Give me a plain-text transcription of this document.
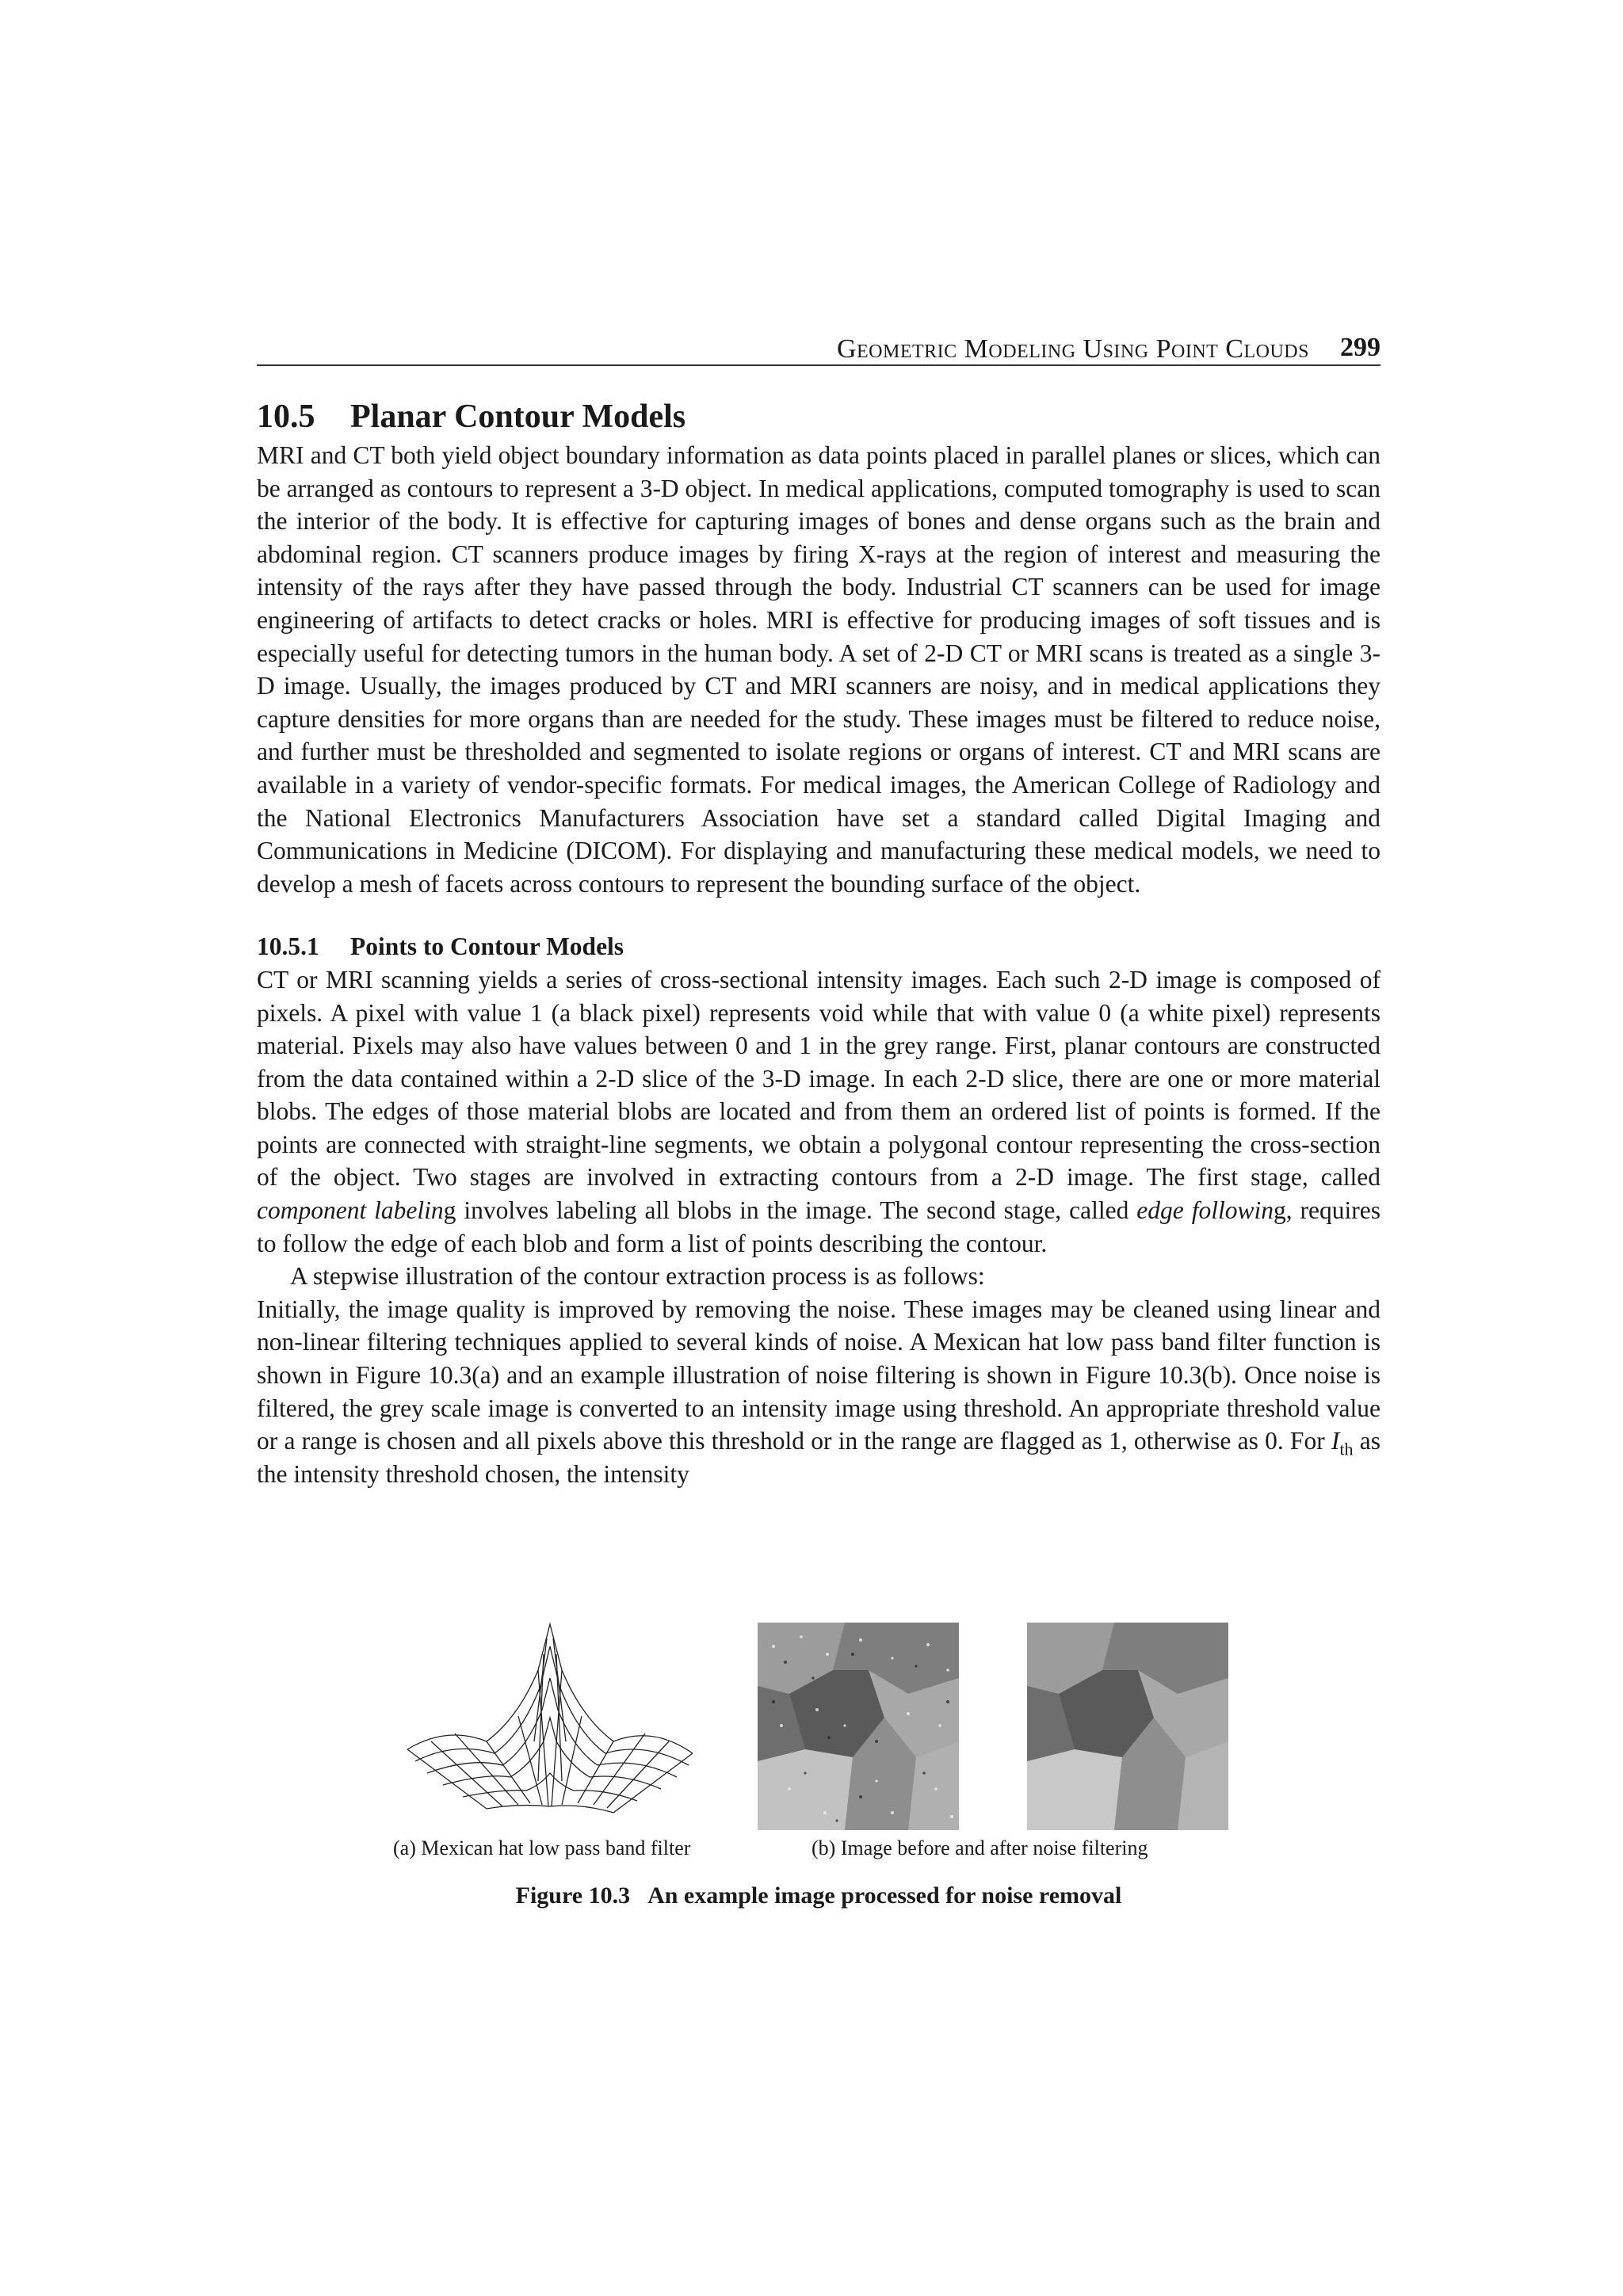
Geometric Modeling Using Point Clouds 299
10.5 Planar Contour Models

MRI and CT both yield object boundary information as data points placed in parallel planes or slices, which can be arranged as contours to represent a 3-D object. In medical applications, computed tomography is used to scan the interior of the body. It is effective for capturing images of bones and dense organs such as the brain and abdominal region. CT scanners produce images by firing X-rays at the region of interest and measuring the intensity of the rays after they have passed through the body. Industrial CT scanners can be used for image engineering of artifacts to detect cracks or holes. MRI is effective for producing images of soft tissues and is especially useful for detecting tumors in the human body. A set of 2-D CT or MRI scans is treated as a single 3-D image. Usually, the images produced by CT and MRI scanners are noisy, and in medical applications they capture densities for more organs than are needed for the study. These images must be filtered to reduce noise, and further must be thresholded and segmented to isolate regions or organs of interest. CT and MRI scans are available in a variety of vendor-specific formats. For medical images, the American College of Radiology and the National Electronics Manufacturers Association have set a standard called Digital Imaging and Communications in Medicine (DICOM). For displaying and manufacturing these medical models, we need to develop a mesh of facets across contours to represent the bounding surface of the object.

10.5.1 Points to Contour Models

CT or MRI scanning yields a series of cross-sectional intensity images. Each such 2-D image is composed of pixels. A pixel with value 1 (a black pixel) represents void while that with value 0 (a white pixel) represents material. Pixels may also have values between 0 and 1 in the grey range. First, planar contours are constructed from the data contained within a 2-D slice of the 3-D image. In each 2-D slice, there are one or more material blobs. The edges of those material blobs are located and from them an ordered list of points is formed. If the points are connected with straight-line segments, we obtain a polygonal contour representing the cross-section of the object. Two stages are involved in extracting contours from a 2-D image. The first stage, called component labeling involves labeling all blobs in the image. The second stage, called edge following, requires to follow the edge of each blob and form a list of points describing the contour.

A stepwise illustration of the contour extraction process is as follows:

Initially, the image quality is improved by removing the noise. These images may be cleaned using linear and non-linear filtering techniques applied to several kinds of noise. A Mexican hat low pass band filter function is shown in Figure 10.3(a) and an example illustration of noise filtering is shown in Figure 10.3(b). Once noise is filtered, the grey scale image is converted to an intensity image using threshold. An appropriate threshold value or a range is chosen and all pixels above this threshold or in the range are flagged as 1, otherwise as 0. For $I_{th}$ as the intensity threshold chosen, the intensity

(a) Mexican hat low pass band filter	(b) Image before and after noise filtering
Figure 10.3 An example image processed for noise removal
